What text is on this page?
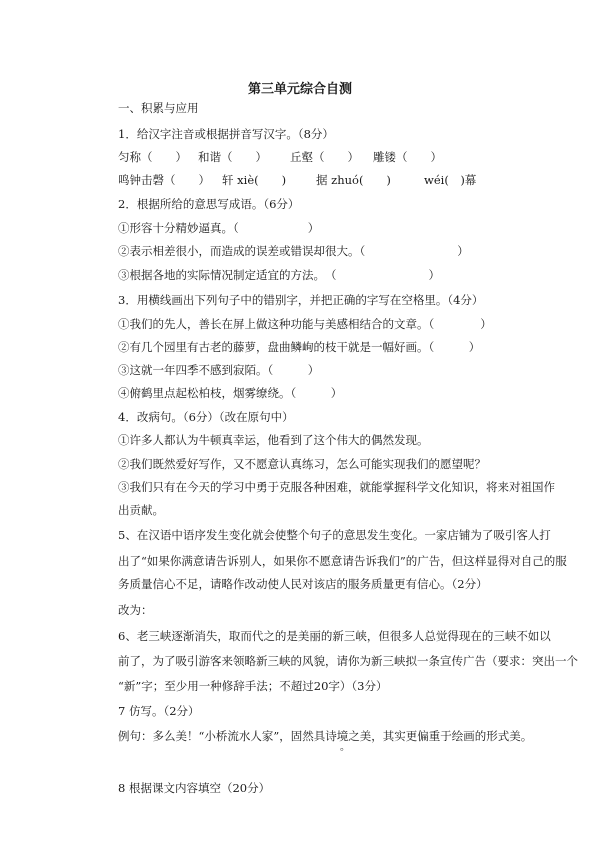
第三单元综合自测
一、积累与应用
1．给汉字注音或根据拼音写汉字。（8分）
匀称（　　） 和谐（　　） 丘壑（　　） 雕镂（　　）
鸣钟击磬（　　） 轩 xiè(　　)	据 zhuó(　　)	wéi(　)幕
2．根据所给的意思写成语。（6分）
①形容十分精妙逼真。（　　　　　　）
②表示相差很小，而造成的误差或错误却很大。（　　　　　　　　）
③根据各地的实际情况制定适宜的方法。　（　　　　　　　　）
3．用横线画出下列句子中的错别字，并把正确的字写在空格里。（4分）
①我们的先人，善长在屏上做这种功能与美感相结合的文章。（　　　　）
②有几个园里有古老的藤萝，盘曲鳞峋的枝干就是一幅好画。（　　　）
③这就一年四季不感到寂陌。（　　　）
④俯鹤里点起松柏枝，烟雾缭绕。（　　　）
4．改病句。（6分）（改在原句中）
①许多人都认为牛顿真幸运，他看到了这个伟大的偶然发现。
②我们既然爱好写作，又不愿意认真练习，怎么可能实现我们的愿望呢？
③我们只有在今天的学习中勇于克服各种困难，就能掌握科学文化知识，将来对祖国作
出贡献。
5、在汉语中语序发生变化就会使整个句子的意思发生变化。一家店铺为了吸引客人打
出了“如果你满意请告诉别人，如果你不愿意请告诉我们”的广告，但这样显得对自己的服
务质量信心不足，请略作改动使人民对该店的服务质量更有信心。（2分）
改为：
6、老三峡逐渐消失，取而代之的是美丽的新三峡，但很多人总觉得现在的三峡不如以
前了，为了吸引游客来领略新三峡的风貌，请你为新三峡拟一条宣传广告（要求：突出一个
“新”字；至少用一种修辞手法；不超过20字）（3分）
7 仿写。（2分）
例句：多么美！“小桥流水人家”，固然具诗境之美，其实更偏重于绘画的形式美。
。
8 根据课文内容填空（20分）
